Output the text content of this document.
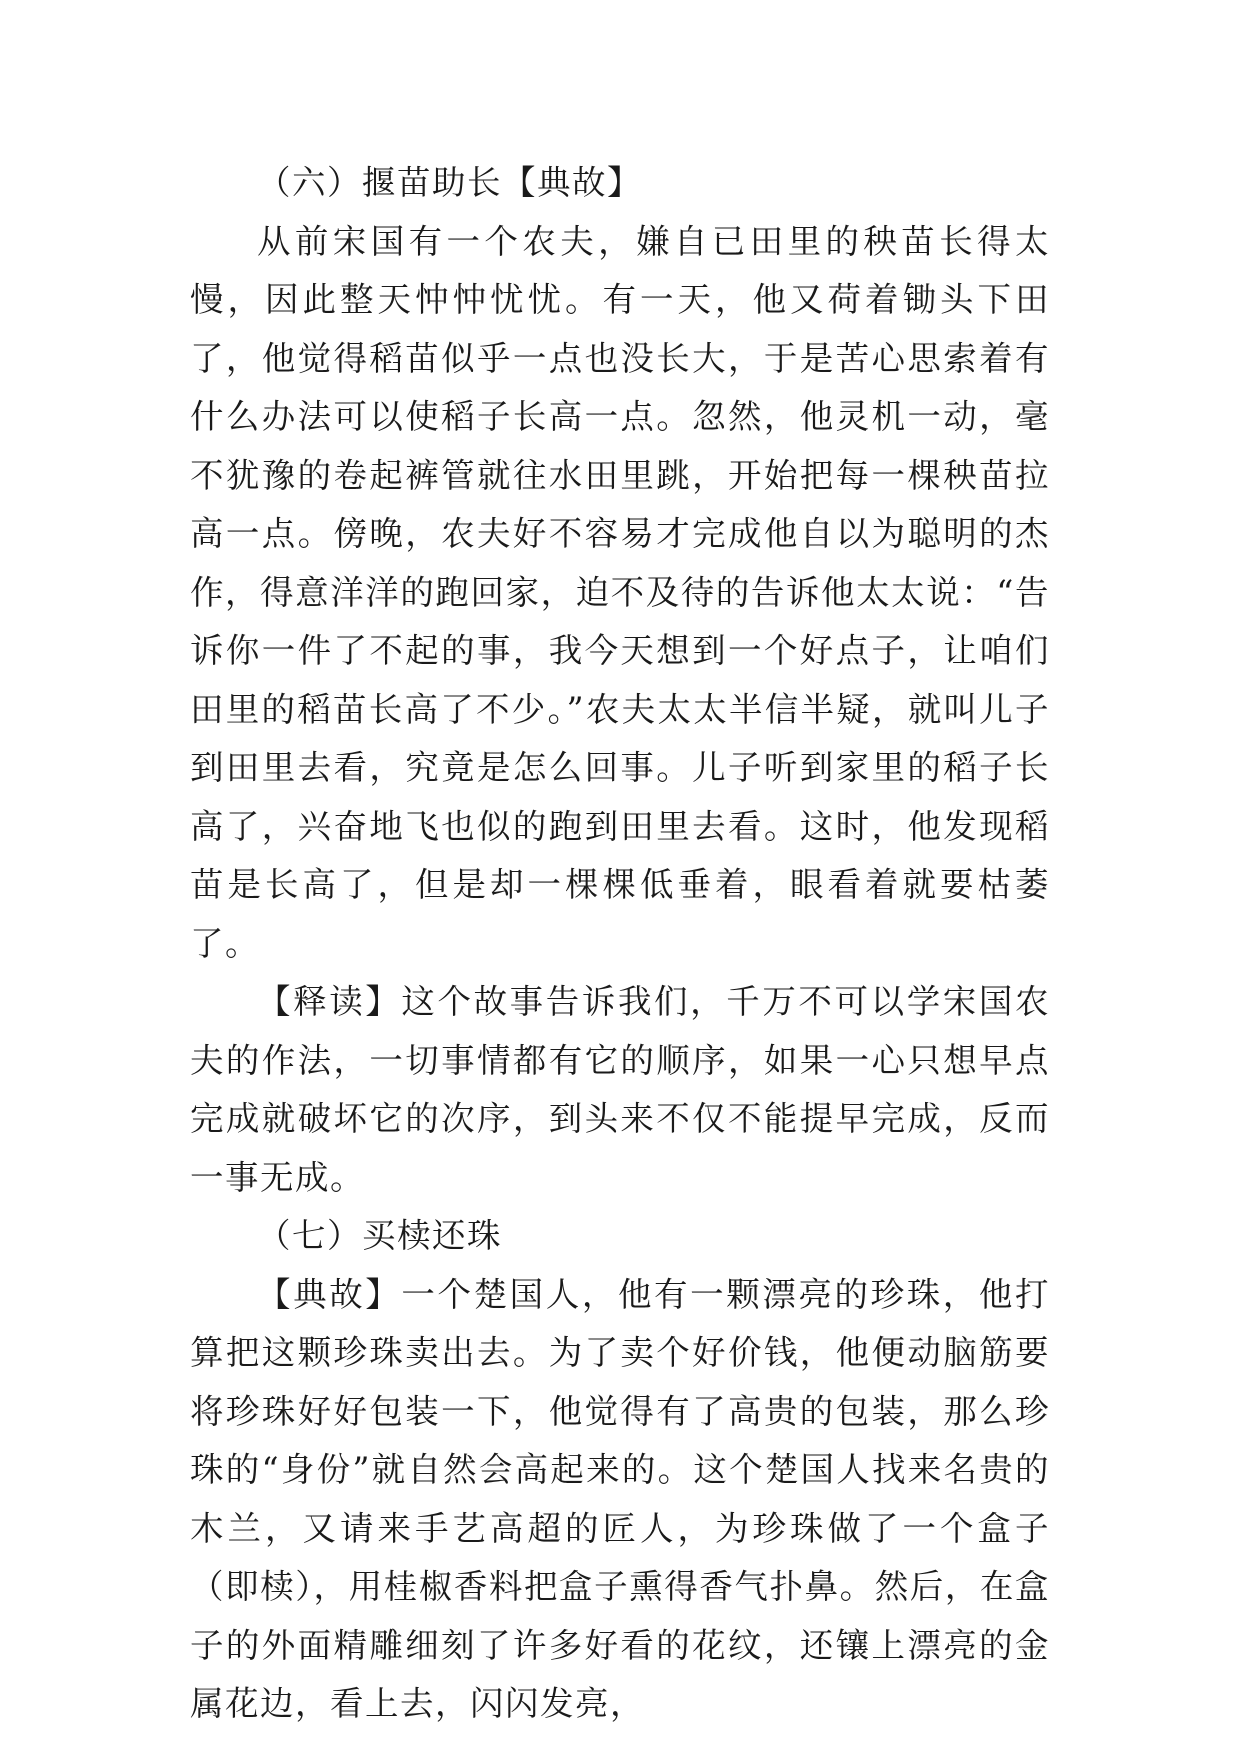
（六）揠苗助长【典故】

从前宋国有一个农夫，嫌自已田里的秧苗长得太慢，因此整天忡忡忧忧。有一天，他又荷着锄头下田了，他觉得稻苗似乎一点也没长大，于是苦心思索着有什么办法可以使稻子长高一点。忽然，他灵机一动，毫不犹豫的卷起裤管就往水田里跳，开始把每一棵秧苗拉高一点。傍晚，农夫好不容易才完成他自以为聪明的杰作，得意洋洋的跑回家，迫不及待的告诉他太太说：“告诉你一件了不起的事，我今天想到一个好点子，让咱们田里的稻苗长高了不少。”农夫太太半信半疑，就叫儿子到田里去看，究竟是怎么回事。儿子听到家里的稻子长高了，兴奋地飞也似的跑到田里去看。这时，他发现稻苗是长高了，但是却一棵棵低垂着，眼看着就要枯萎了。

【释读】这个故事告诉我们，千万不可以学宋国农夫的作法，一切事情都有它的顺序，如果一心只想早点完成就破坏它的次序，到头来不仅不能提早完成，反而一事无成。

（七）买椟还珠

【典故】一个楚国人，他有一颗漂亮的珍珠，他打算把这颗珍珠卖出去。为了卖个好价钱，他便动脑筋要将珍珠好好包装一下，他觉得有了高贵的包装，那么珍珠的“身份”就自然会高起来的。这个楚国人找来名贵的木兰，又请来手艺高超的匠人，为珍珠做了一个盒子（即椟），用桂椒香料把盒子熏得香气扑鼻。然后，在盒子的外面精雕细刻了许多好看的花纹，还镶上漂亮的金属花边，看上去，闪闪发亮，
